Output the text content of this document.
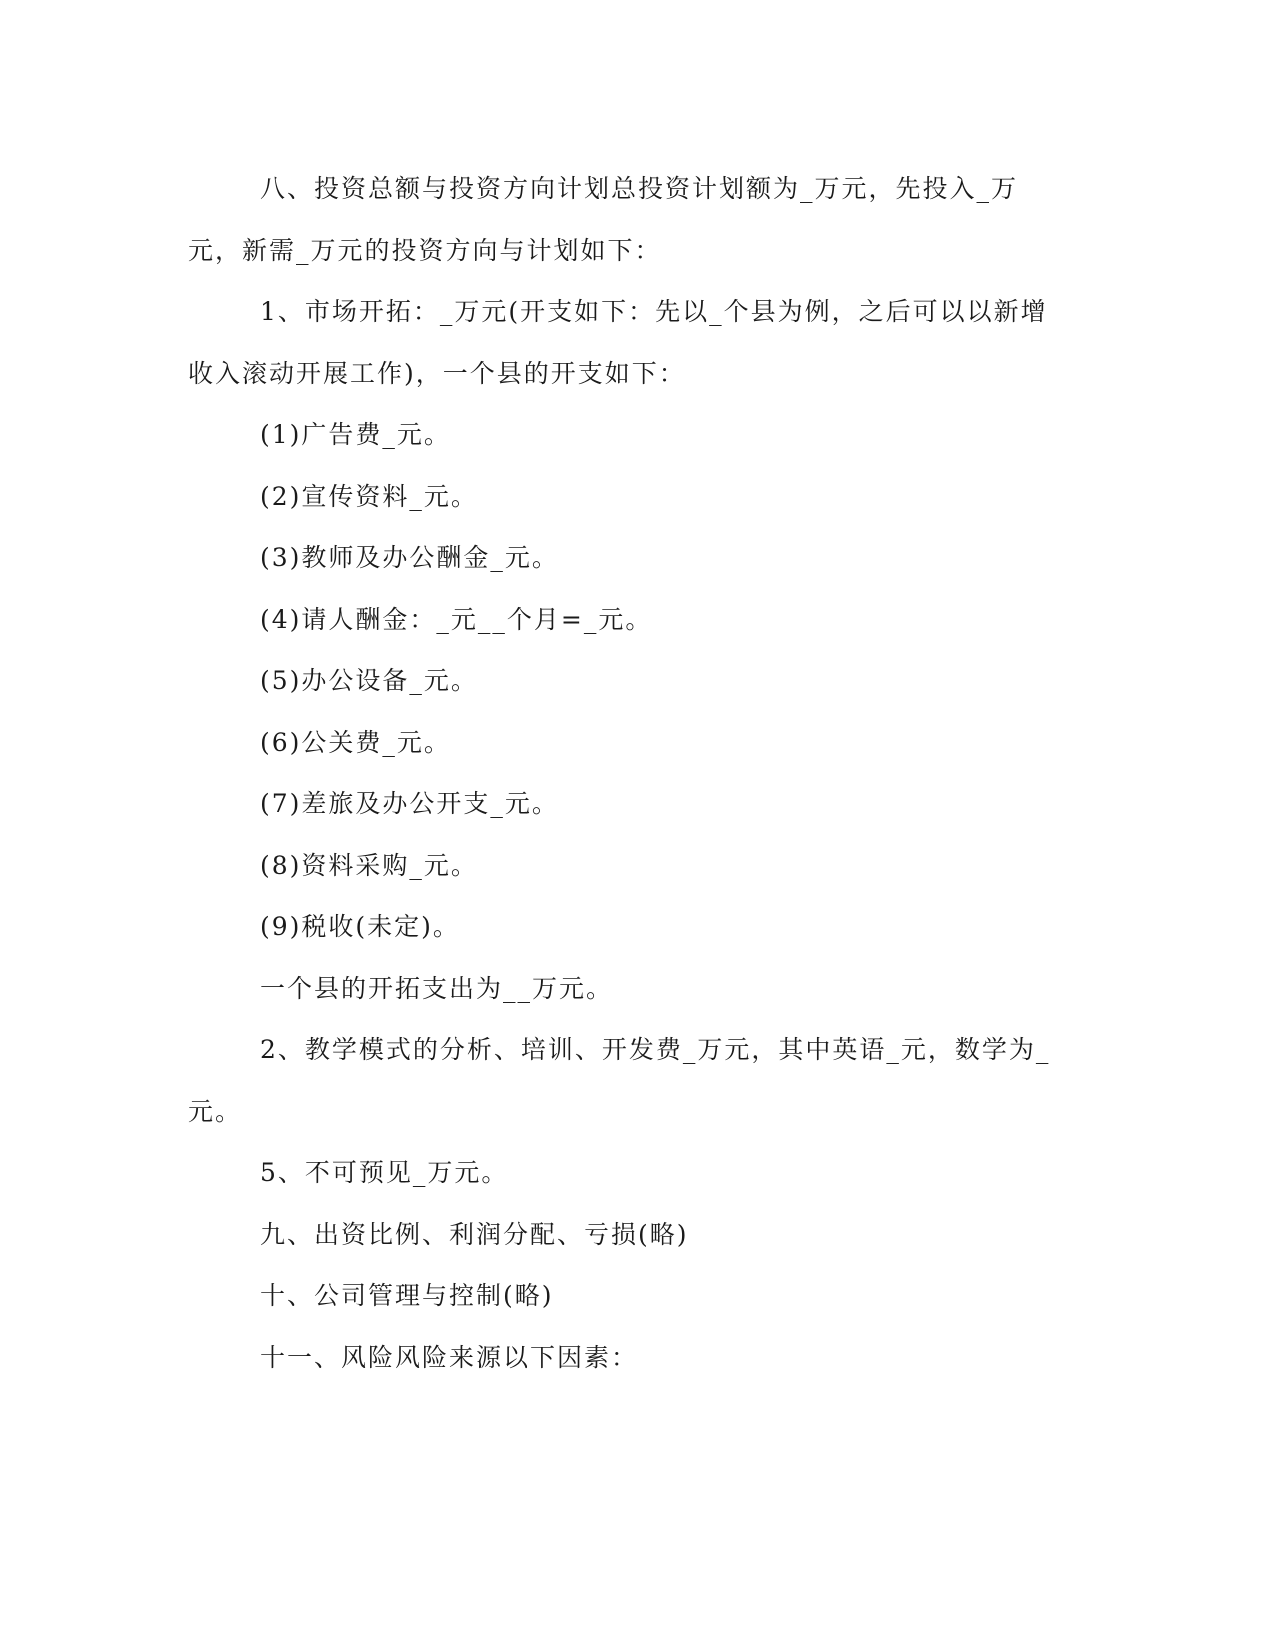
八、投资总额与投资方向计划总投资计划额为_万元，先投入_万元，新需_万元的投资方向与计划如下：

1、市场开拓：_万元(开支如下：先以_个县为例，之后可以以新增收入滚动开展工作)，一个县的开支如下：

(1)广告费_元。

(2)宣传资料_元。

(3)教师及办公酬金_元。

(4)请人酬金：_元__个月=_元。

(5)办公设备_元。

(6)公关费_元。

(7)差旅及办公开支_元。

(8)资料采购_元。

(9)税收(未定)。

一个县的开拓支出为__万元。

2、教学模式的分析、培训、开发费_万元，其中英语_元，数学为_元。

5、不可预见_万元。

九、出资比例、利润分配、亏损(略)

十、公司管理与控制(略)

十一、风险风险来源以下因素：
